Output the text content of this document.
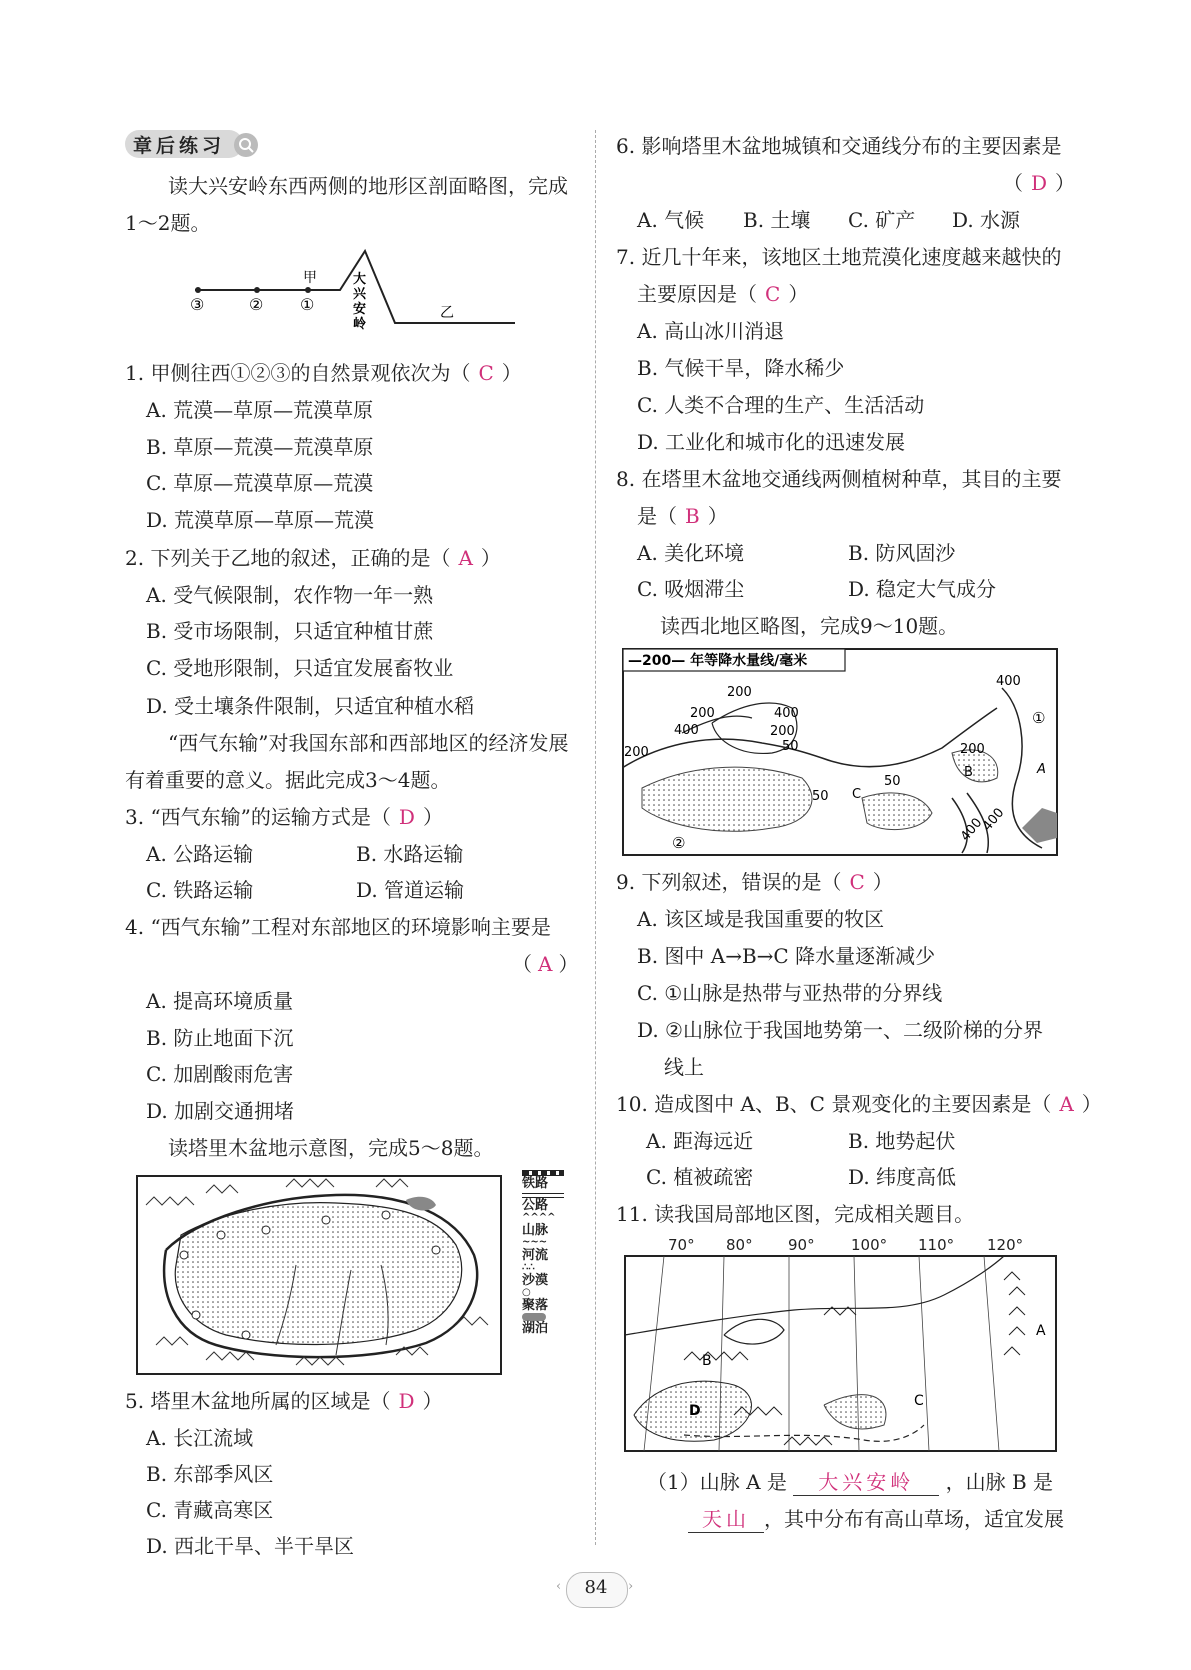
章后练习
读大兴安岭东西两侧的地形区剖面略图，完成
1～2题。
甲
③	② ①
大
兴
安
岭
乙
1. 甲侧往西①②③的自然景观依次为（ C ）
A. 荒漠—草原—荒漠草原
B. 草原—荒漠—荒漠草原
C. 草原—荒漠草原—荒漠
D. 荒漠草原—草原—荒漠
2. 下列关于乙地的叙述，正确的是（ A ）
A. 受气候限制，农作物一年一熟
B. 受市场限制，只适宜种植甘蔗
C. 受地形限制，只适宜发展畜牧业
D. 受土壤条件限制，只适宜种植水稻
“西气东输”对我国东部和西部地区的经济发展
有着重要的意义。据此完成3～4题。
3. “西气东输”的运输方式是（ D ）
A. 公路运输	B. 水路运输
C. 铁路运输	D. 管道运输
4. “西气东输”工程对东部地区的环境影响主要是
（ A ）
A. 提高环境质量
B. 防止地面下沉
C. 加剧酸雨危害
D. 加剧交通拥堵
读塔里木盆地示意图，完成5～8题。
铁路
公路
^^^^
山脉
~~~
河流
∴∴
沙漠
○
聚落
湖泊
5. 塔里木盆地所属的区域是（ D ）
A. 长江流域
B. 东部季风区
C. 青藏高寒区
D. 西北干旱、半干旱区
6. 影响塔里木盆地城镇和交通线分布的主要因素是
（ D ）
A. 气候 B. 土壤 C. 矿产 D. 水源
7. 近几十年来，该地区土地荒漠化速度越来越快的
主要原因是（ C ）
A. 高山冰川消退
B. 气候干旱，降水稀少
C. 人类不合理的生产、生活活动
D. 工业化和城市化的迅速发展
8. 在塔里木盆地交通线两侧植树种草，其目的主要
是（ B ）
A. 美化环境	B. 防风固沙
C. 吸烟滞尘	D. 稳定大气成分
读西北地区略图，完成9～10题。
—200— 年等降水量线/毫米
400
200
200
400
400
200
200
50	200
B	A
50
C
50
400
400
①
②
9. 下列叙述，错误的是（ C ）
A. 该区域是我国重要的牧区
B. 图中 A→B→C 降水量逐渐减少
C. ①山脉是热带与亚热带的分界线
D. ②山脉位于我国地势第一、二级阶梯的分界
线上
10. 造成图中 A、B、C 景观变化的主要因素是（ A ）
A. 距海远近	B. 地势起伏
C. 植被疏密	D. 纬度高低
11. 读我国局部地区图，完成相关题目。
70° 80° 90° 100° 110° 120°
A
B
C
D
（1）山脉 A 是 大兴安岭 ，山脉 B 是
天山 ，其中分布有高山草场，适宜发展
‹	›
84
